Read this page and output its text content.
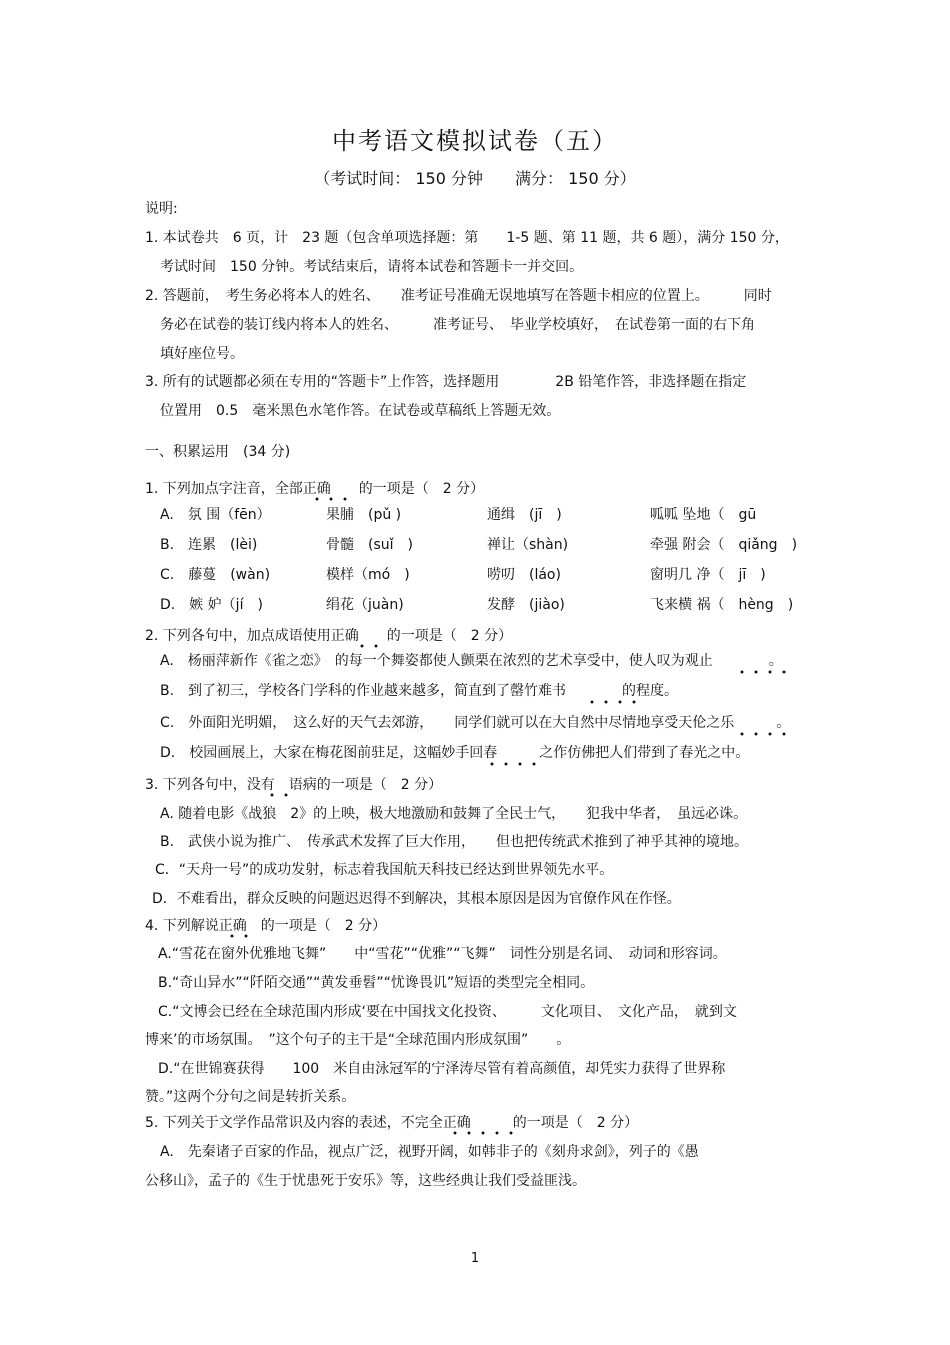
中考语文模拟试卷（五）
（考试时间： 150 分钟　　满分： 150 分）
说明:
1. 本试卷共　6 页，计　23 题（包含单项选择题：第　　1-5 题、第 11 题，共 6 题），满分 150 分，
考试时间　150 分钟。考试结束后，请将本试卷和答题卡一并交回。
2. 答题前，　考生务必将本人的姓名、　　准考证号准确无误地填写在答题卡相应的位置上。　　　同时
务必在试卷的装订线内将本人的姓名、　　　准考证号、　毕业学校填好，　在试卷第一面的右下角
填好座位号。
3. 所有的试题都必须在专用的“答题卡”上作答，选择题用　　　　2B 铅笔作答，非选择题在指定
位置用　0.5　毫米黑色水笔作答。在试卷或草稿纸上答题无效。
一、积累运用　(34 分)
1. 下列加点字注音，全部正确　　的一项是（　2 分）
A.　氛 围（fēn）	果脯　(pǔ )	通缉　(jī　)	呱呱 坠地（　gū
B.　连累　(lèi)	骨髓　(suǐ　)	禅让（shàn)	牵强 附会（　qiǎng　)
C.　藤蔓　(wàn)	模样（mó　)	唠叨　(láo)	窗明几 净（　jī　)
D.　嫉 妒（jí　)	绢花（juàn)	发酵　(jiào)	飞来横 祸（　hèng　)
2. 下列各句中，加点成语使用正确　　的一项是（　2 分）
A.　杨丽萍新作《雀之恋》　的每一个舞姿都使人颤栗在浓烈的艺术享受中，使人叹为观止　　　　。
B.　到了初三，学校各门学科的作业越来越多，简直到了罄竹难书　　　　的程度。
C.　外面阳光明媚，　这么好的天气去郊游，　　同学们就可以在大自然中尽情地享受天伦之乐　　　。
D.　校园画展上，大家在梅花图前驻足，这幅妙手回春　　　之作仿佛把人们带到了春光之中。
3. 下列各句中，没有　语病的一项是（　2 分）
A. 随着电影《战狼　2》的上映，极大地激励和鼓舞了全民士气，　　犯我中华者，　虽远必诛。
B.　武侠小说为推广、　传承武术发挥了巨大作用，　　但也把传统武术推到了神乎其神的境地。
C．“天舟一号”的成功发射，标志着我国航天科技已经达到世界领先水平。
D．不难看出，群众反映的问题迟迟得不到解决，其根本原因是因为官僚作风在作怪。
4. 下列解说正确　的一项是（　2 分）
A.“雪花在窗外优雅地飞舞”　　中“雪花”“优雅”“飞舞”　词性分别是名词、　动词和形容词。
B.“奇山异水”“阡陌交通”“黄发垂髫”“忧谗畏讥”短语的类型完全相同。
C.“文博会已经在全球范围内形成‘要在中国找文化投资、　　　文化项目、　文化产品，　就到文
博来’的市场氛围。　”这个句子的主干是“全球范围内形成氛围”　　。
D.“在世锦赛获得　　100　米自由泳冠军的宁泽涛尽管有着高颜值，却凭实力获得了世界称
赞。”这两个分句之间是转折关系。
5. 下列关于文学作品常识及内容的表述，不完全正确　　　的一项是（　2 分）
A.　先秦诸子百家的作品，视点广泛，视野开阔，如韩非子的《刻舟求剑》，列子的《愚
公移山》，孟子的《生于忧患死于安乐》等，这些经典让我们受益匪浅。
1
